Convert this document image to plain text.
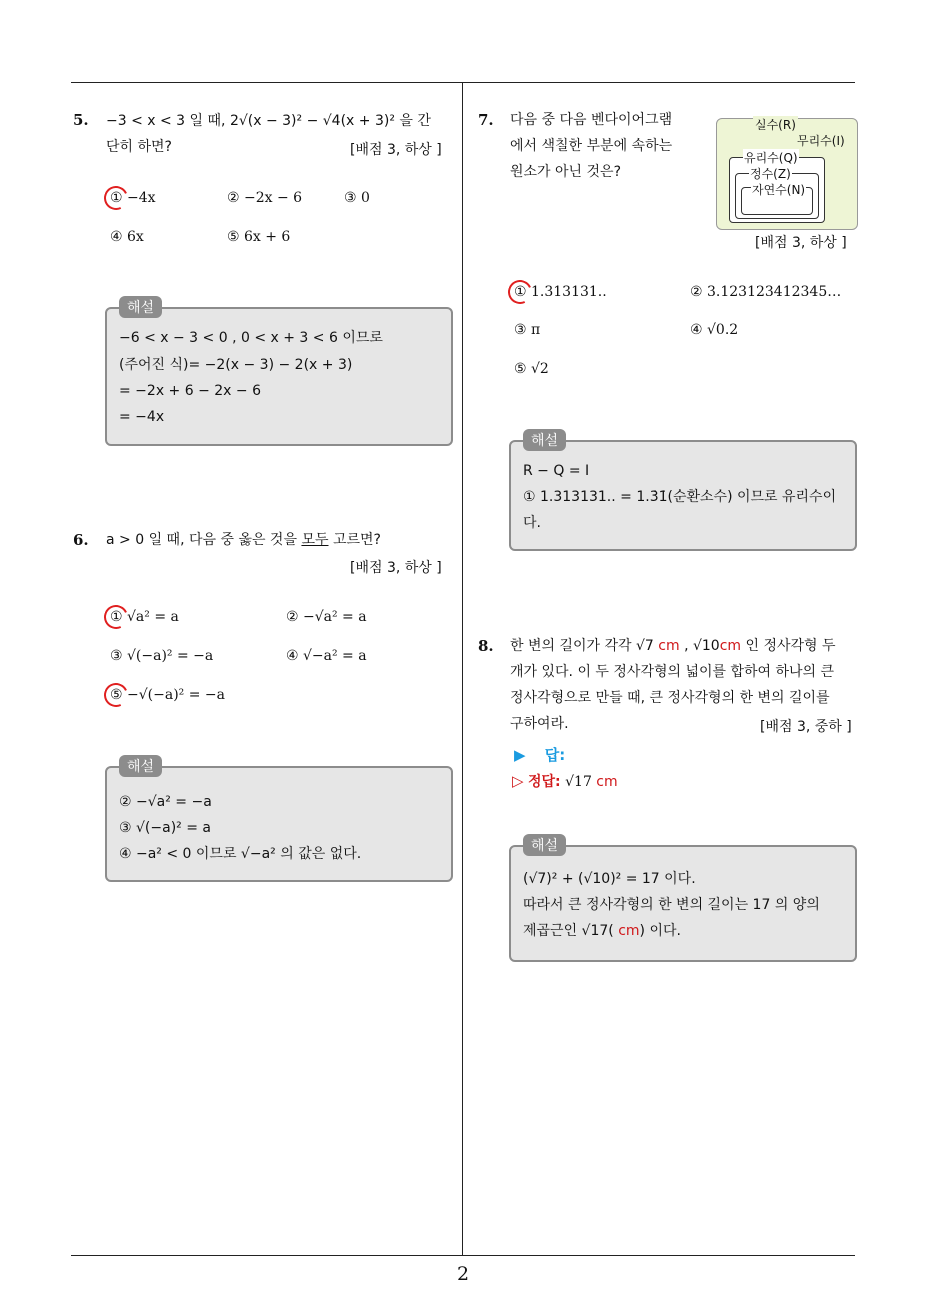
2
5. −3 < x < 3 일 때, 2√(x − 3)² − √4(x + 3)² 을 간
단히 하면?	[배점 3, 하상 ]
① −4x	② −2x − 6	③ 0
④ 6x	⑤ 6x + 6
−6 < x − 3 < 0 , 0 < x + 3 < 6 이므로
(주어진 식)= −2(x − 3) − 2(x + 3)
= −2x + 6 − 2x − 6
= −4x
해설
6. a > 0 일 때, 다음 중 옳은 것을 모두 고르면?
[배점 3, 하상 ]
① √a² = a	② −√a² = a
③ √(−a)² = −a	④ √−a² = a
⑤ −√(−a)² = −a
② −√a² = −a
③ √(−a)² = a
④ −a² < 0 이므로 √−a² 의 값은 없다.
해설
7. 다음 중 다음 벤다이어그램
에서 색칠한 부분에 속하는
원소가 아닌 것은?
실수(R)
무리수(I)
유리수(Q)
정수(Z)
자연수(N)
[배점 3, 하상 ]
① 1.313131..	② 3.123123412345…
③ π	④ √0.2
⑤ √2
R − Q = I
① 1.313131.. = 1.3̇1̇(순환소수) 이므로 유리수이
다.
해설
8. 한 변의 길이가 각각 √7 cm , √10cm 인 정사각형 두
개가 있다. 이 두 정사각형의 넓이를 합하여 하나의 큰
정사각형으로 만들 때, 큰 정사각형의 한 변의 길이를
구하여라.	[배점 3, 중하 ]
▶ 답:
▷ 정답: √17 cm
(√7)² + (√10)² = 17 이다.
따라서 큰 정사각형의 한 변의 길이는 17 의 양의
제곱근인 √17( cm) 이다.
해설
